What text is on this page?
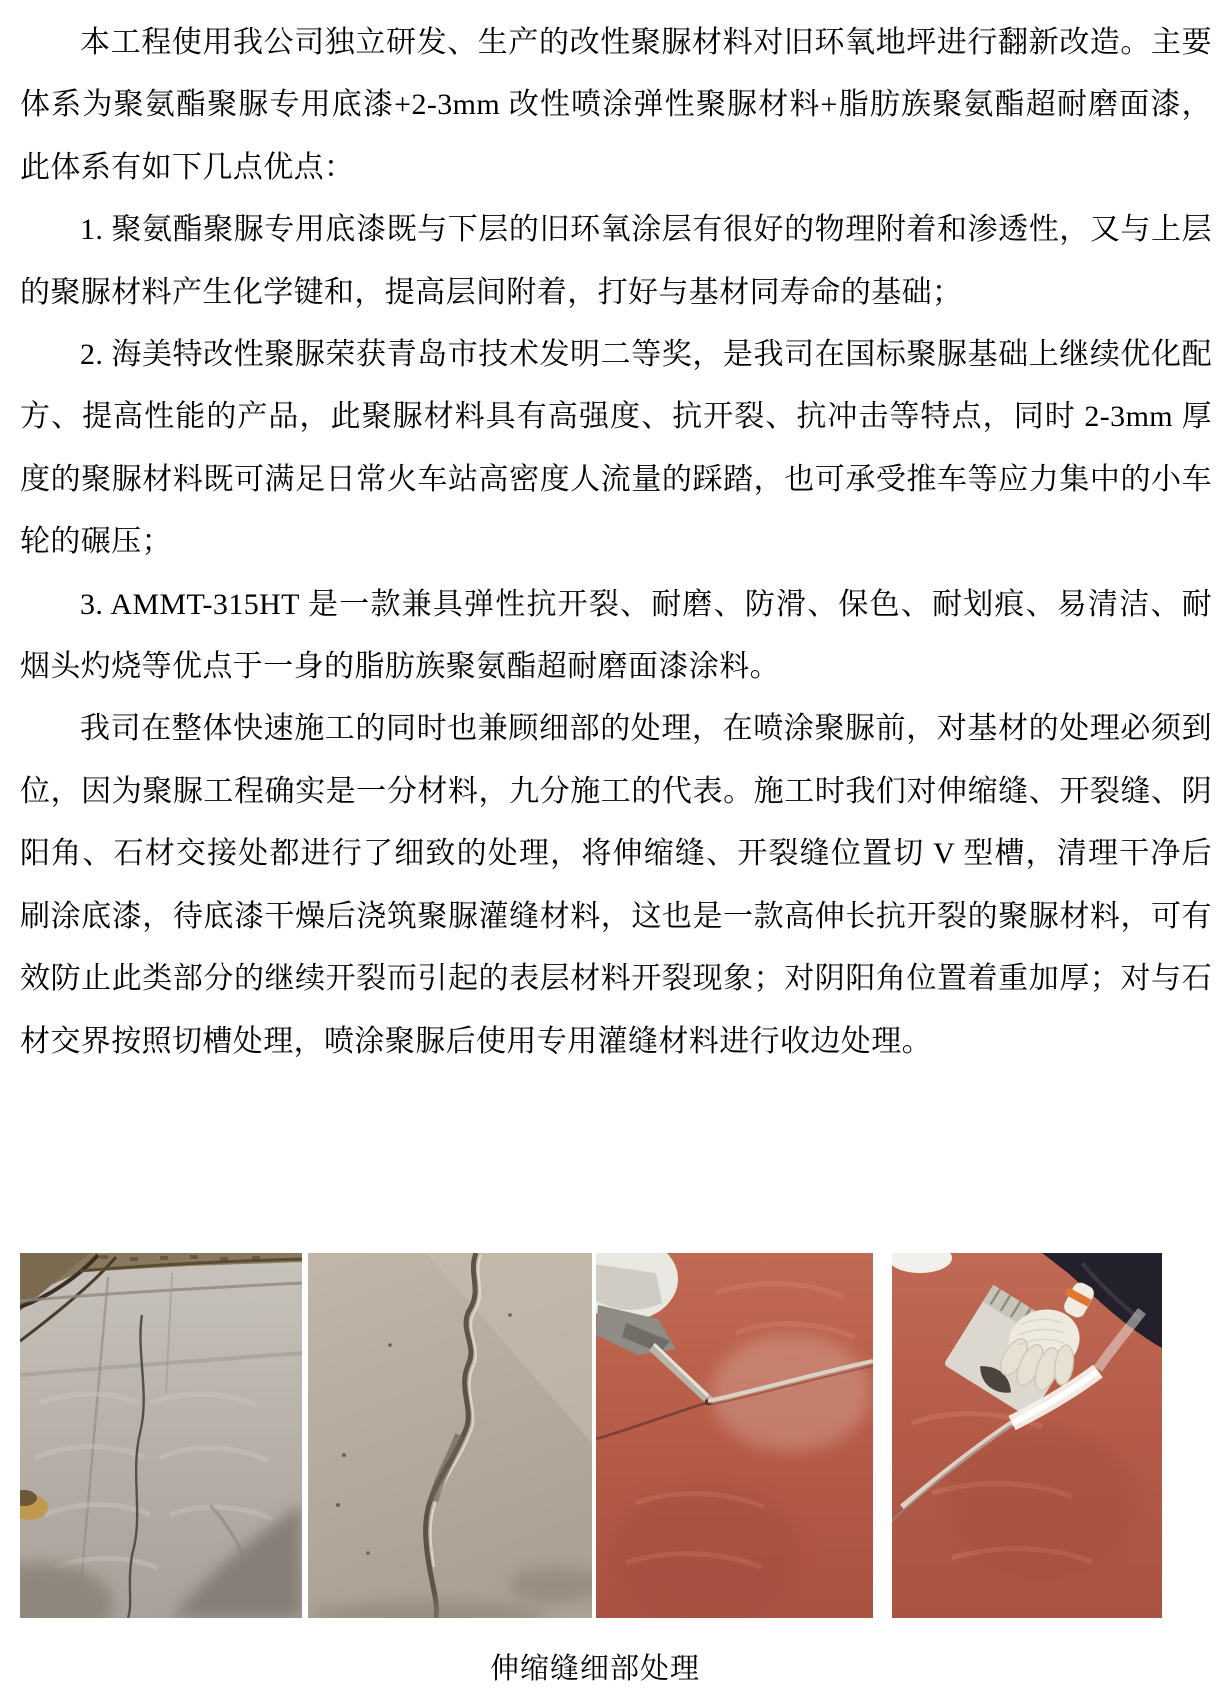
本工程使用我公司独立研发、生产的改性聚脲材料对旧环氧地坪进行翻新改造。主要体系为聚氨酯聚脲专用底漆+2-3mm 改性喷涂弹性聚脲材料+脂肪族聚氨酯超耐磨面漆，此体系有如下几点优点：

1. 聚氨酯聚脲专用底漆既与下层的旧环氧涂层有很好的物理附着和渗透性，又与上层的聚脲材料产生化学键和，提高层间附着，打好与基材同寿命的基础；

2. 海美特改性聚脲荣获青岛市技术发明二等奖，是我司在国标聚脲基础上继续优化配方、提高性能的产品，此聚脲材料具有高强度、抗开裂、抗冲击等特点，同时 2-3mm 厚度的聚脲材料既可满足日常火车站高密度人流量的踩踏，也可承受推车等应力集中的小车轮的碾压；

3. AMMT-315HT 是一款兼具弹性抗开裂、耐磨、防滑、保色、耐划痕、易清洁、耐烟头灼烧等优点于一身的脂肪族聚氨酯超耐磨面漆涂料。

我司在整体快速施工的同时也兼顾细部的处理，在喷涂聚脲前，对基材的处理必须到位，因为聚脲工程确实是一分材料，九分施工的代表。施工时我们对伸缩缝、开裂缝、阴阳角、石材交接处都进行了细致的处理，将伸缩缝、开裂缝位置切 V 型槽，清理干净后刷涂底漆，待底漆干燥后浇筑聚脲灌缝材料，这也是一款高伸长抗开裂的聚脲材料，可有效防止此类部分的继续开裂而引起的表层材料开裂现象；对阴阳角位置着重加厚；对与石材交界按照切槽处理，喷涂聚脲后使用专用灌缝材料进行收边处理。

伸缩缝细部处理
